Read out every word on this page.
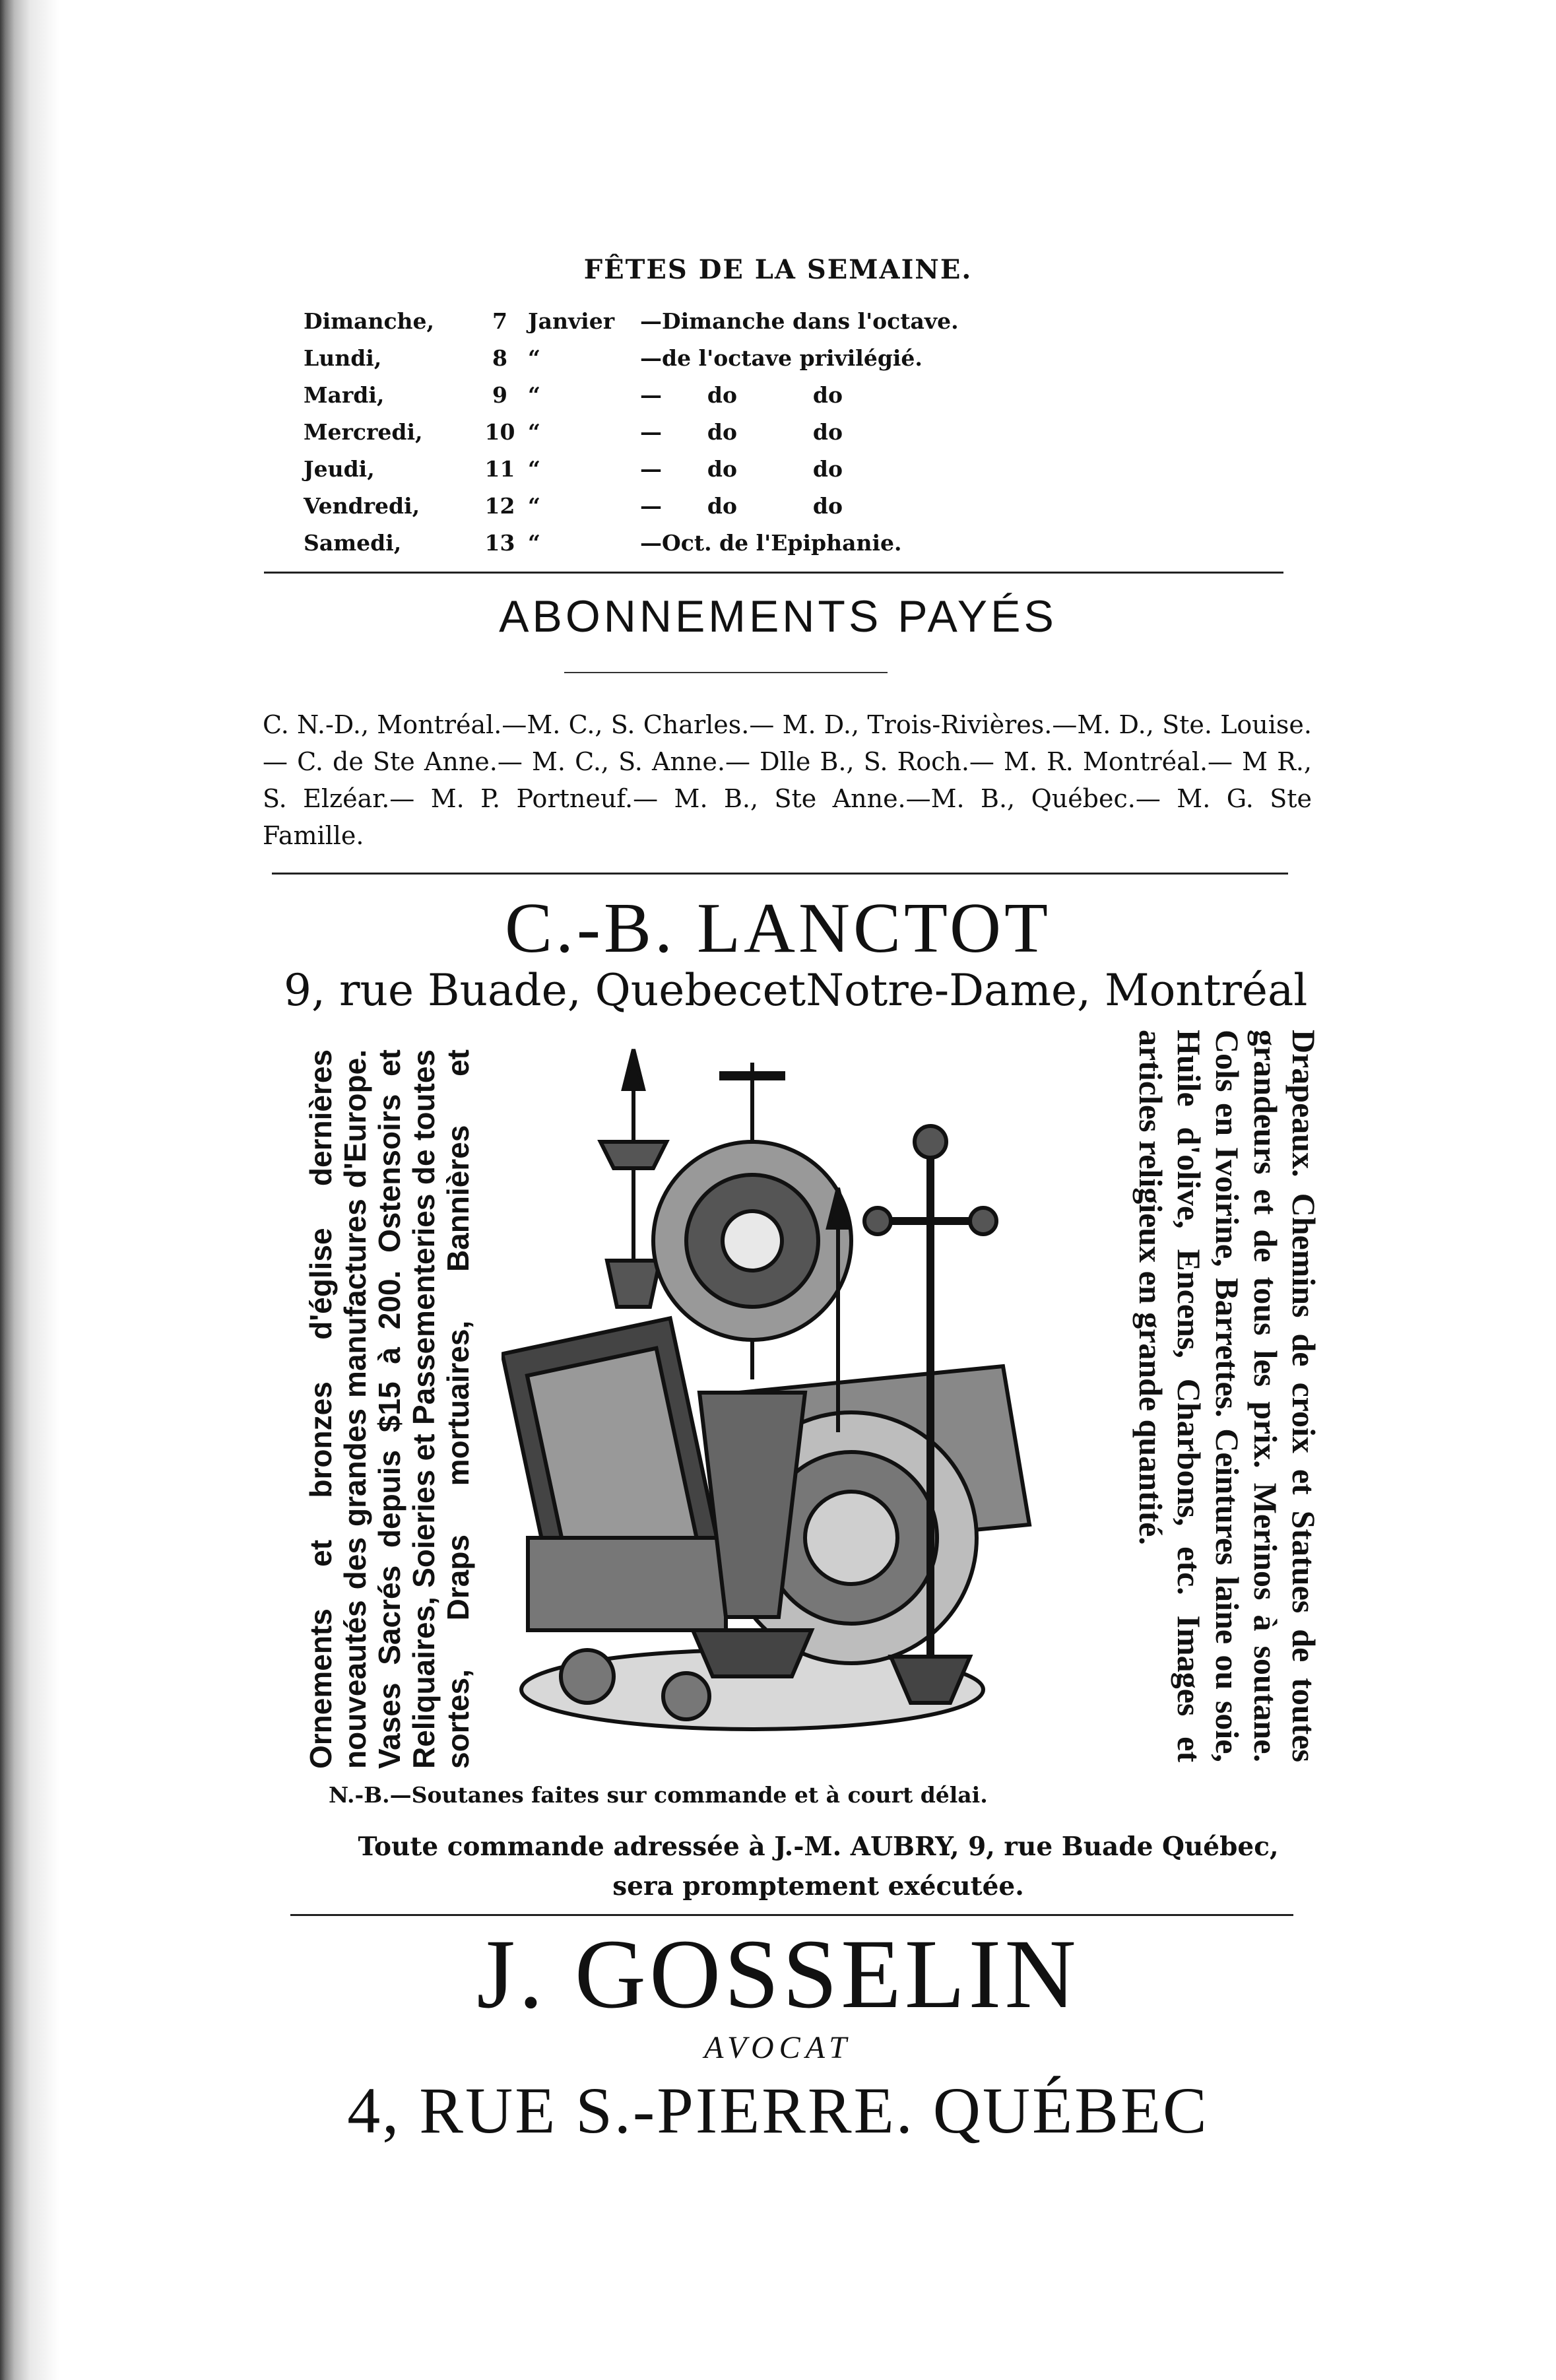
FÊTES DE LA SEMAINE.
Dimanche,	7	Janvier	—Dimanche dans l'octave.
Lundi,	8	“	—de l'octave privilégié.
Mardi,	9	“	—      do          do
Mercredi,	10	“	—      do          do
Jeudi,	11	“	—      do          do
Vendredi,	12	“	—      do          do
Samedi,	13	“	—Oct. de l'Epiphanie.
ABONNEMENTS PAYÉS
C. N.-D., Montréal.—M. C., S. Charles.— M. D., Trois-Rivières.—M. D., Ste. Louise.— C. de Ste Anne.— M. C., S. Anne.— Dlle B., S. Roch.— M. R. Montréal.— M R., S. Elzéar.— M. P. Portneuf.— M. B., Ste Anne.—M. B., Québec.— M. G. Ste Famille.
C.-B. LANCTOT
9, rue Buade, Quebec et Notre-Dame, Montréal
Ornements et bronzes d'église dernières nouveautés des grandes manufactures d'Europe. Vases Sacrés depuis $15 à 200. Ostensoirs et Reliquaires, Soieries et Passementeries de toutes sortes, Draps mortuaires, Bannières et	Drapeaux. Chemins de croix et Statues de toutes grandeurs et de tous les prix. Merinos à soutane. Cols en Ivoirine, Barrettes. Ceintures laine ou soie, Huile d'olive, Encens, Charbons, etc. Images et articles religieux en grande quantité.
N.-B.—Soutanes faites sur commande et à court délai.
Toute commande adressée à J.-M. AUBRY, 9, rue Buade Québec, sera promptement exécutée.
J. GOSSELIN
AVOCAT
4, RUE S.-PIERRE. QUÉBEC
